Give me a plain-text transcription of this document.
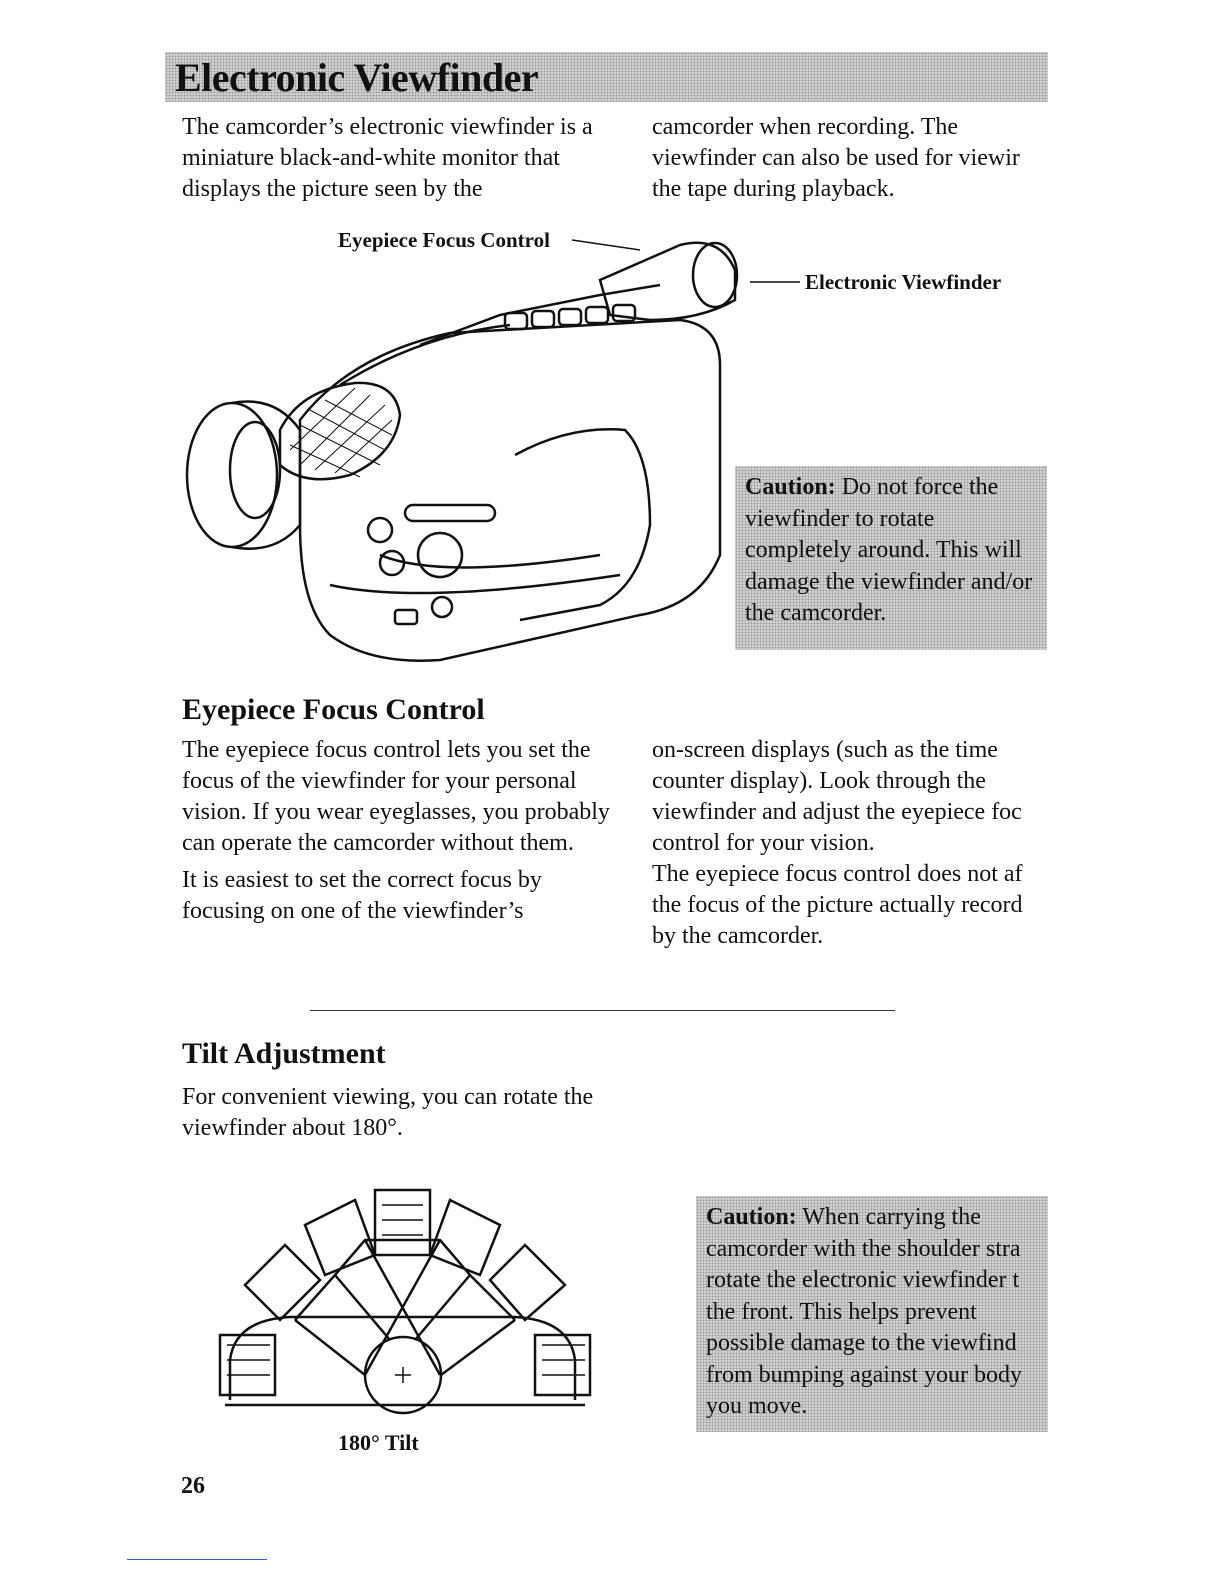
Electronic Viewfinder

The camcorder’s electronic viewfinder is a miniature black-and-white monitor that displays the picture seen by the

camcorder when recording. The viewfinder can also be used for viewir the tape during playback.

Eyepiece Focus Control
Electronic Viewfinder
Caution: Do not force the viewfinder to rotate completely around. This will damage the viewfinder and/or the camcorder.
Eyepiece Focus Control

The eyepiece focus control lets you set the focus of the viewfinder for your personal vision. If you wear eyeglasses, you probably can operate the camcorder without them.

It is easiest to set the correct focus by focusing on one of the viewfinder’s

on-screen displays (such as the time counter display). Look through the viewfinder and adjust the eyepiece foc control for your vision.

The eyepiece focus control does not af the focus of the picture actually record by the camcorder.

Tilt Adjustment

For convenient viewing, you can rotate the viewfinder about 180°.

180° Tilt
Caution: When carrying the camcorder with the shoulder stra rotate the electronic viewfinder t the front. This helps prevent possible damage to the viewfind from bumping against your body you move.
26
